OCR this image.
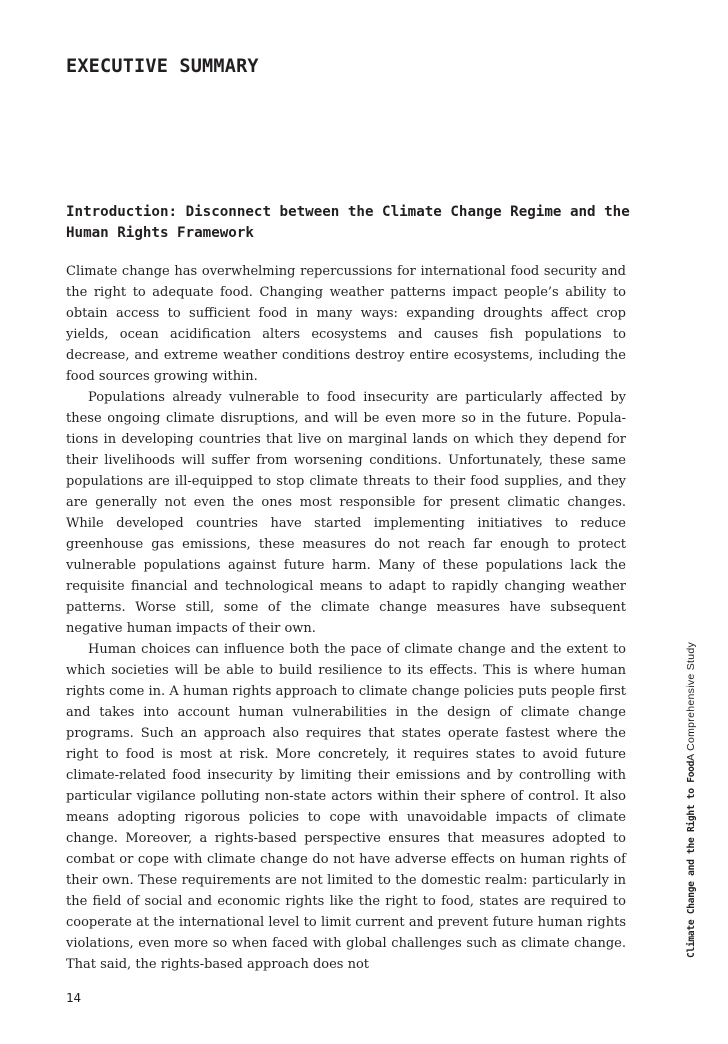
EXECUTIVE SUMMARY
Introduction: Disconnect between the Climate Change Regime and the Human Rights Framework

Climate change has overwhelming repercussions for international food security and the right to adequate food. Changing weather patterns impact people’s ability to obtain access to sufficient food in many ways: expanding droughts affect crop yields, ocean acidification alters ecosystems and causes fish populations to decrease, and extreme weather conditions destroy entire ecosystems, including the food sources growing within.

Populations already vulnerable to food insecurity are particularly affected by these ongoing climate disruptions, and will be even more so in the future. Populations in developing countries that live on marginal lands on which they depend for their livelihoods will suffer from worsening conditions. Unfortunately, these same populations are ill-equipped to stop climate threats to their food supplies, and they are generally not even the ones most responsible for present climatic changes. While developed countries have started implementing initiatives to reduce greenhouse gas emissions, these measures do not reach far enough to protect vulnerable populations against future harm. Many of these populations lack the requisite financial and technological means to adapt to rapidly changing weather patterns. Worse still, some of the climate change measures have subsequent negative human impacts of their own.

Human choices can influence both the pace of climate change and the extent to which societies will be able to build resilience to its effects. This is where human rights come in. A human rights approach to climate change policies puts people first and takes into account human vulnerabilities in the design of climate change programs. Such an approach also requires that states operate fastest where the right to food is most at risk. More concretely, it requires states to avoid future climate-related food insecurity by limiting their emissions and by controlling with particular vigilance polluting non-state actors within their sphere of control. It also means adopting rigorous policies to cope with unavoidable impacts of climate change. Moreover, a rights-based perspective ensures that measures adopted to combat or cope with climate change do not have adverse effects on human rights of their own. These requirements are not limited to the domestic realm: particularly in the field of social and economic rights like the right to food, states are required to cooperate at the international level to limit current and prevent future human rights violations, even more so when faced with global challenges such as climate change. That said, the rights-based approach does not

14
Climate Change and the Right to FoodA Comprehensive Study
